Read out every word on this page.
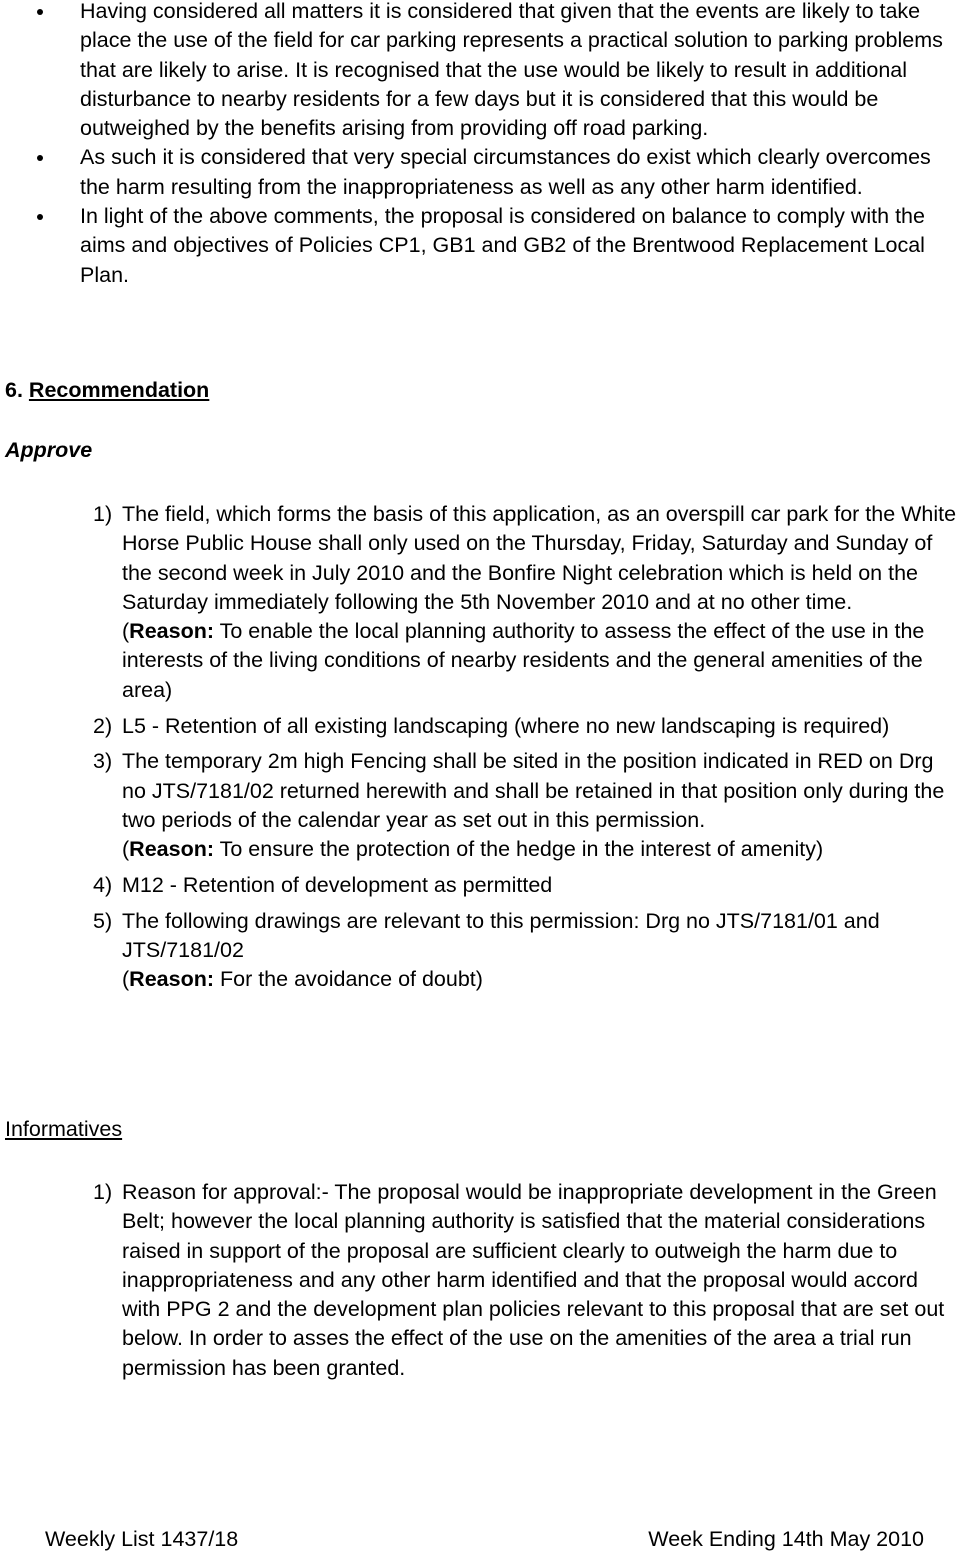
Having considered all matters it is considered that given that the events are likely to take place the use of the field for car parking represents a practical solution to parking problems that are likely to arise. It is recognised that the use would be likely to result in additional disturbance to nearby residents for a few days but it is considered that this would be outweighed by the benefits arising from providing off road parking.
As such it is considered that very special circumstances do exist which clearly overcomes the harm resulting from the inappropriateness as well as any other harm identified.
In light of the above comments, the proposal is considered on balance to comply with the aims and objectives of Policies CP1, GB1 and GB2 of the Brentwood Replacement Local Plan.
6. Recommendation
Approve
1) The field, which forms the basis of this application, as an overspill car park for the White Horse Public House shall only used on the Thursday, Friday, Saturday and Sunday of the second week in July 2010 and the Bonfire Night celebration which is held on the Saturday immediately following the 5th November 2010 and at no other time.
(Reason: To enable the local planning authority to assess the effect of the use in the interests of the living conditions of nearby residents and the general amenities of the area)
2) L5 - Retention of all existing landscaping (where no new landscaping is required)
3) The temporary 2m high Fencing shall be sited in the position indicated in RED on Drg no JTS/7181/02 returned herewith and shall be retained in that position only during the two periods of the calendar year as set out in this permission.
(Reason: To ensure the protection of the hedge in the interest of amenity)
4) M12 - Retention of development as permitted
5) The following drawings are relevant to this permission: Drg no JTS/7181/01 and JTS/7181/02
(Reason: For the avoidance of doubt)
Informatives
1) Reason for approval:- The proposal would be inappropriate development in the Green Belt; however the local planning authority is satisfied that the material considerations raised in support of the proposal are sufficient clearly to outweigh the harm due to inappropriateness and any other harm identified and that the proposal would accord with PPG 2 and the development plan policies relevant to this proposal that are set out below. In order to asses the effect of the use on the amenities of the area a trial run permission has been granted.
Weekly List 1437/18	Week Ending 14th May 2010
